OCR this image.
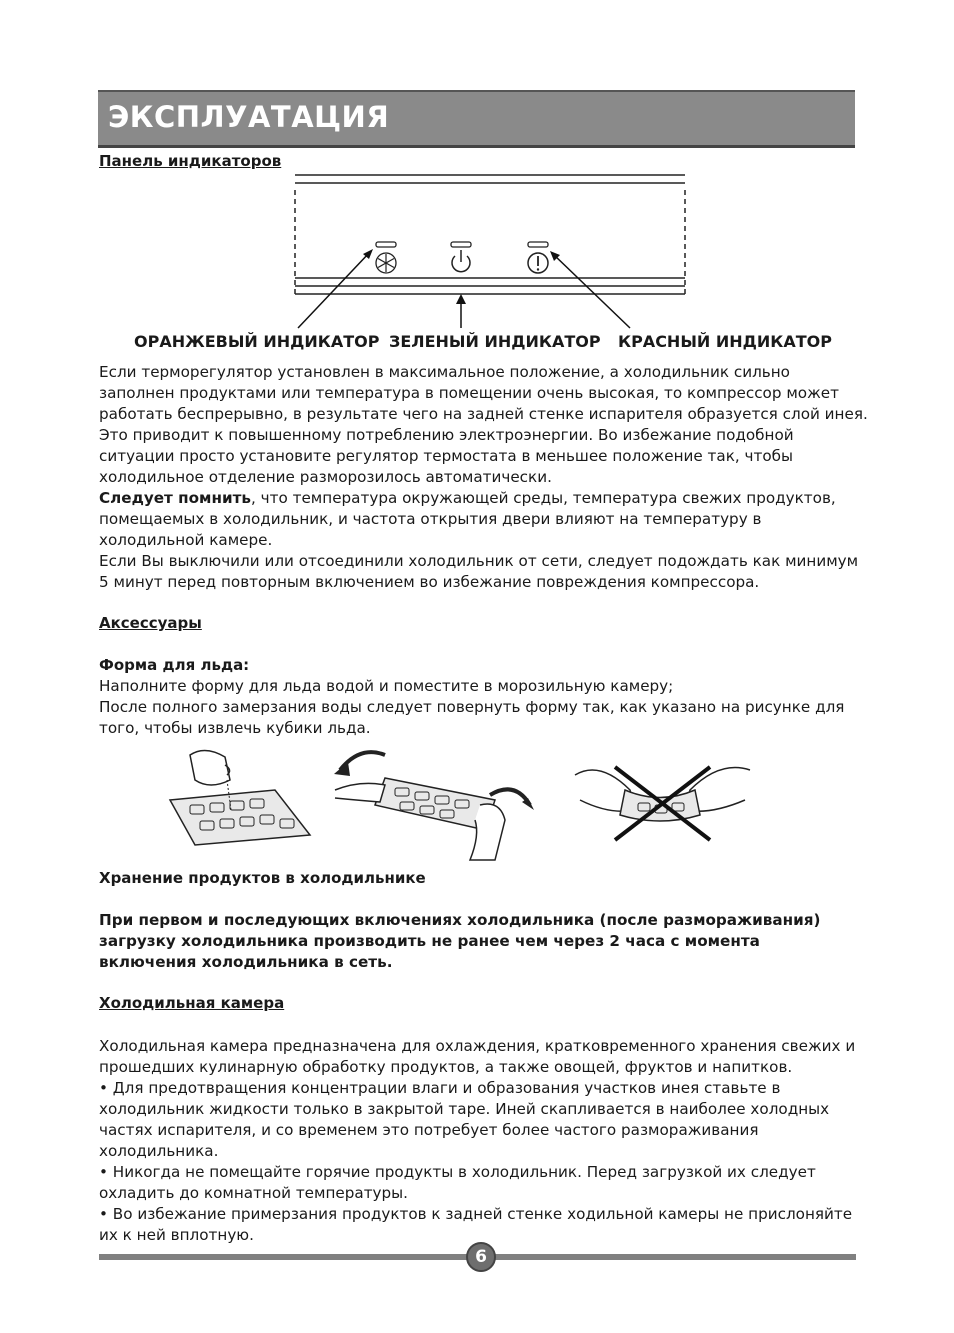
ЭКСПЛУАТАЦИЯ
Панель индикаторов
ОРАНЖЕВЫЙ ИНДИКАТОР ЗЕЛЕНЫЙ ИНДИКАТОР КРАСНЫЙ ИНДИКАТОР

Если терморегулятор установлен в максимальное положение, а холодильник сильно заполнен продуктами или температура в помещении очень высокая, то компрессор может работать беспрерывно, в результате чего на задней стенке испарителя образуется слой инея. Это приводит к повышенному потреблению электроэнергии. Во избежание подобной ситуации просто установите регулятор термостата в меньшее положение так, чтобы холодильное отделение разморозилось автоматически.

Следует помнить, что температура окружающей среды, температура свежих продуктов, помещаемых в холодильник, и частота открытия двери влияют на температуру в холодильной камере.

Если Вы выключили или отсоединили холодильник от сети, следует подождать как минимум 5 минут перед повторным включением во избежание повреждения компрессора.

Аксессуары
Форма для льда:

Наполните форму для льда водой и поместите в морозильную камеру;

После полного замерзания воды следует повернуть форму так, как указано на рисунке для того, чтобы извлечь кубики льда.

Хранение продуктов в холодильнике
При первом и последующих включениях холодильника (после размораживания) загрузку холодильника производить не ранее чем через 2 часа с момента включения холодильника в сеть.
Холодильная камера

Холодильная камера предназначена для охлаждения, кратковременного хранения свежих и прошедших кулинарную обработку продуктов, а также овощей, фруктов и напитков.

• Для предотвращения концентрации влаги и образования участков инея ставьте в холодильник жидкости только в закрытой таре. Иней скапливается в наиболее холодных частях испарителя, и со временем это потребует более частого размораживания холодильника.

• Никогда не помещайте горячие продукты в холодильник. Перед загрузкой их следует охладить до комнатной температуры.

• Во избежание примерзания продуктов к задней стенке ходильной камеры не прислоняйте их к ней вплотную.

6
